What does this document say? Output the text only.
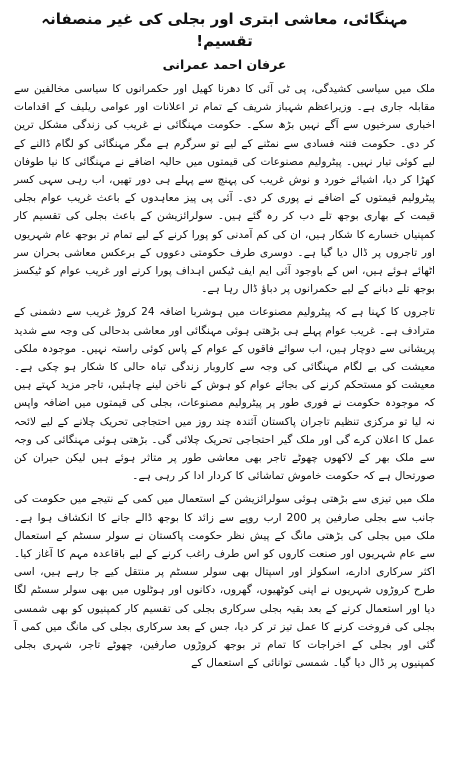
مہنگائی، معاشی ابتری اور بجلی کی غیر منصفانہ تقسیم!
عرفان احمد عمرانی

ملک میں سیاسی کشیدگی، پی ٹی آئی کا دھرنا کھیل اور حکمرانوں کا سیاسی مخالفین سے مقابلہ جاری ہے۔ وزیراعظم شہباز شریف کے تمام تر اعلانات اور عوامی ریلیف کے اقدامات اخباری سرخیوں سے آگے نہیں بڑھ سکے۔ حکومت مہنگائی نے غریب کی زندگی مشکل ترین کر دی۔ حکومت فتنہ فسادی سے نمٹنے کے لیے تو سرگرم ہے مگر مہنگائی کو لگام ڈالنے کے لیے کوئی تیار نہیں۔ پیٹرولیم مصنوعات کی قیمتوں میں حالیہ اضافے نے مہنگائی کا نیا طوفان کھڑا کر دیا، اشیائے خورد و نوش غریب کی پہنچ سے پہلے ہی دور تھیں، اب رہی سہی کسر پیٹرولیم قیمتوں کے اضافے نے پوری کر دی۔ آئی پی پیز معاہدوں کے باعث غریب عوام بجلی قیمت کے بھاری بوجھ تلے دب کر رہ گئے ہیں۔ سولرائزیشن کے باعث بجلی کی تقسیم کار کمپنیاں خسارے کا شکار ہیں، ان کی کم آمدنی کو پورا کرنے کے لیے تمام تر بوجھ عام شہریوں اور تاجروں پر ڈال دیا گیا ہے۔ دوسری طرف حکومتی دعووں کے برعکس معاشی بحران سر اٹھائے ہوئے ہیں، اس کے باوجود آئی ایم ایف ٹیکس اہداف پورا کرنے اور غریب عوام کو ٹیکسز بوجھ تلے دبانے کے لیے حکمرانوں پر دباؤ ڈال رہا ہے۔

تاجروں کا کہنا ہے کہ پیٹرولیم مصنوعات میں ہوشربا اضافہ 24 کروڑ غریب سے دشمنی کے مترادف ہے۔ غریب عوام پہلے ہی بڑھتی ہوئی مہنگائی اور معاشی بدحالی کی وجہ سے شدید پریشانی سے دوچار ہیں، اب سوائے فاقوں کے عوام کے پاس کوئی راستہ نہیں۔ موجودہ ملکی معیشت کی بے لگام مہنگائی کی وجہ سے کاروبار زندگی تباہ حالی کا شکار ہو چکی ہے۔ معیشت کو مستحکم کرنے کی بجائے عوام کو ہوش کے ناخن لینے چاہئیں، تاجر مزید کہتے ہیں کہ موجودہ حکومت نے فوری طور پر پیٹرولیم مصنوعات، بجلی کی قیمتوں میں اضافہ واپس نہ لیا تو مرکزی تنظیم تاجران پاکستان آئندہ چند روز میں احتجاجی تحریک چلانے کے لیے لائحہ عمل کا اعلان کرے گی اور ملک گیر احتجاجی تحریک چلائی گی۔ بڑھتی ہوئی مہنگائی کی وجہ سے ملک بھر کے لاکھوں چھوٹے تاجر بھی معاشی طور پر متاثر ہوئے ہیں لیکن حیران کن صورتحال ہے کہ حکومت خاموش تماشائی کا کردار ادا کر رہی ہے۔

ملک میں تیزی سے بڑھتی ہوئی سولرائزیشن کے استعمال میں کمی کے نتیجے میں حکومت کی جانب سے بجلی صارفین پر 200 ارب روپے سے زائد کا بوجھ ڈالے جانے کا انکشاف ہوا ہے۔ ملک میں بجلی کی بڑھتی مانگ کے پیش نظر حکومت پاکستان نے سولر سسٹم کے استعمال سے عام شہریوں اور صنعت کاروں کو اس طرف راغب کرنے کے لیے باقاعدہ مہم کا آغاز کیا۔ اکثر سرکاری ادارے، اسکولز اور اسپتال بھی سولر سسٹم پر منتقل کیے جا رہے ہیں، اسی طرح کروڑوں شہریوں نے اپنی کوٹھیوں، گھروں، دکانوں اور ہوٹلوں میں بھی سولر سسٹم لگا دیا اور استعمال کرنے کے بعد بقیہ بجلی سرکاری بجلی کی تقسیم کار کمپنیوں کو بھی شمسی بجلی کی فروخت کرنے کا عمل تیز تر کر دیا، جس کے بعد سرکاری بجلی کی مانگ میں کمی آ گئی اور بجلی کے اخراجات کا تمام تر بوجھ کروڑوں صارفین، چھوٹے تاجر، شہری بجلی کمپنیوں پر ڈال دیا گیا۔ شمسی توانائی کے استعمال کے
